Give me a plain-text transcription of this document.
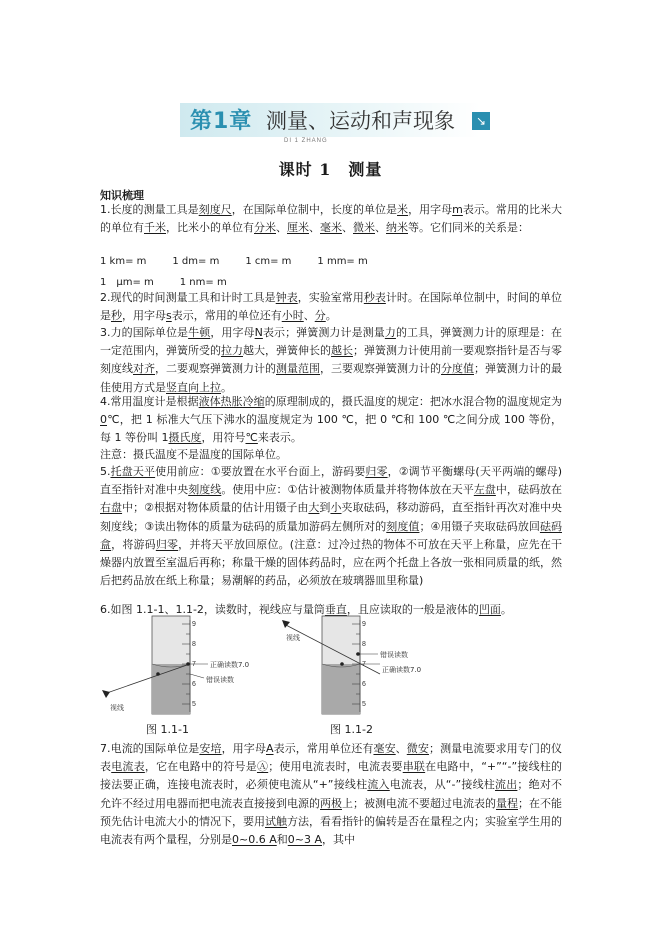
第1章 测量、运动和声现象
DI 1 ZHANG
↘
课时 1　测量
知识梳理
1.长度的测量工具是刻度尺，在国际单位制中，长度的单位是米，用字母m表示。常用的比米大的单位有千米，比米小的单位有分米、厘米、毫米、微米、纳米等。它们同米的关系是：
1 km= m	1 dm= m	1 cm= m	1 mm= m
1　μm= m	1 nm= m
2.现代的时间测量工具和计时工具是钟表，实验室常用秒表计时。在国际单位制中，时间的单位是秒，用字母s表示，常用的单位还有小时、分。
3.力的国际单位是牛顿，用字母N表示；弹簧测力计是测量力的工具，弹簧测力计的原理是：在一定范围内，弹簧所受的拉力越大，弹簧伸长的越长；弹簧测力计使用前一要观察指针是否与零刻度线对齐，二要观察弹簧测力计的测量范围，三要观察弹簧测力计的分度值；弹簧测力计的最佳使用方式是竖直向上拉。
4.常用温度计是根据液体热胀冷缩的原理制成的，摄氏温度的规定：把冰水混合物的温度规定为0℃，把 1 标准大气压下沸水的温度规定为 100 ℃，把 0 ℃和 100 ℃之间分成 100 等份，每 1 等份叫 1摄氏度，用符号℃来表示。
注意：摄氏温度不是温度的国际单位。
5.托盘天平使用前应：①要放置在水平台面上，游码要归零，②调节平衡螺母(天平两端的螺母)直至指针对准中央刻度线。使用中应：①估计被测物体质量并将物体放在天平左盘中，砝码放在右盘中；②根据对物体质量的估计用镊子由大到小夹取砝码，移动游码，直至指针再次对准中央刻度线；③读出物体的质量为砝码的质量加游码左侧所对的刻度值；④用镊子夹取砝码放回砝码盒，将游码归零，并将天平放回原位。(注意：过冷过热的物体不可放在天平上称量，应先在干燥器内放置至室温后再称；称量干燥的固体药品时，应在两个托盘上各放一张相同质量的纸，然后把药品放在纸上称量；易潮解的药品，必须放在玻璃器皿里称量)
6.如图 1.1-1、1.1-2，读数时，视线应与量筒垂直，且应读取的一般是液体的凹面。
9
8
7
6
5
正确读数7.0
错误读数
视线
图 1.1-1
9
8
7
6
5
错误读数
正确读数7.0
视线
图 1.1-2
7.电流的国际单位是安培，用字母A表示，常用单位还有毫安、微安；测量电流要求用专门的仪表电流表，它在电路中的符号是Ⓐ；使用电流表时，电流表要串联在电路中，“+”“-”接线柱的接法要正确，连接电流表时，必须使电流从“+”接线柱流入电流表，从“-”接线柱流出；绝对不允许不经过用电器而把电流表直接接到电源的两极上；被测电流不要超过电流表的量程；在不能预先估计电流大小的情况下，要用试触方法，看看指针的偏转是否在量程之内；实验室学生用的电流表有两个量程，分别是0~0.6 A和0~3 A，其中
